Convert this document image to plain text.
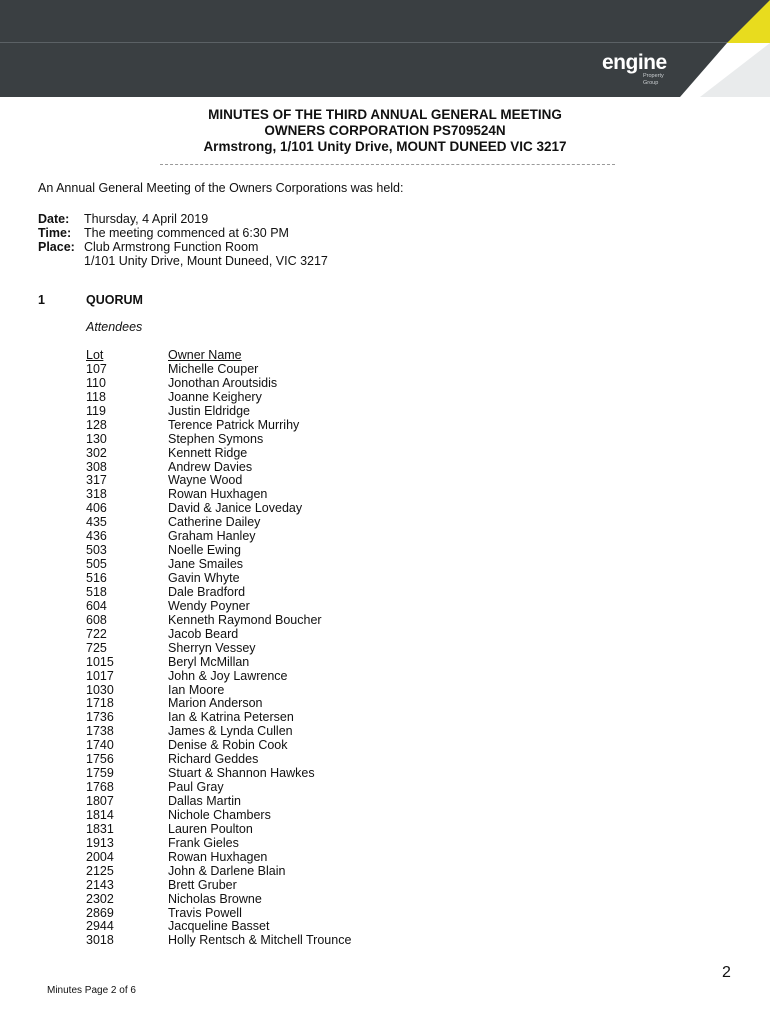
engine
Property
Group
MINUTES OF THE THIRD ANNUAL GENERAL MEETING
OWNERS CORPORATION PS709524N
Armstrong, 1/101 Unity Drive, MOUNT DUNEED VIC 3217
An Annual General Meeting of the Owners Corporations was held:
Date:	Thursday, 4 April 2019
Time:	The meeting commenced at 6:30 PM
Place: Club Armstrong Function Room
1/101 Unity Drive, Mount Duneed, VIC 3217
1	QUORUM
Attendees
Lot	Owner Name
107	Michelle Couper
110	Jonothan Aroutsidis
118	Joanne Keighery
119	Justin Eldridge
128	Terence Patrick Murrihy
130	Stephen Symons
302	Kennett Ridge
308	Andrew Davies
317	Wayne Wood
318	Rowan Huxhagen
406	David & Janice Loveday
435	Catherine Dailey
436	Graham Hanley
503	Noelle Ewing
505	Jane Smailes
516	Gavin Whyte
518	Dale Bradford
604	Wendy Poyner
608	Kenneth Raymond Boucher
722	Jacob Beard
725	Sherryn Vessey
1015	Beryl McMillan
1017	John & Joy Lawrence
1030	Ian Moore
1718	Marion Anderson
1736	Ian & Katrina Petersen
1738	James & Lynda Cullen
1740	Denise & Robin Cook
1756	Richard Geddes
1759	Stuart & Shannon Hawkes
1768	Paul Gray
1807	Dallas Martin
1814	Nichole Chambers
1831	Lauren Poulton
1913	Frank Gieles
2004	Rowan Huxhagen
2125	John & Darlene Blain
2143	Brett Gruber
2302	Nicholas Browne
2869	Travis Powell
2944	Jacqueline Basset
3018	Holly Rentsch & Mitchell Trounce
2
Minutes Page 2 of 6
